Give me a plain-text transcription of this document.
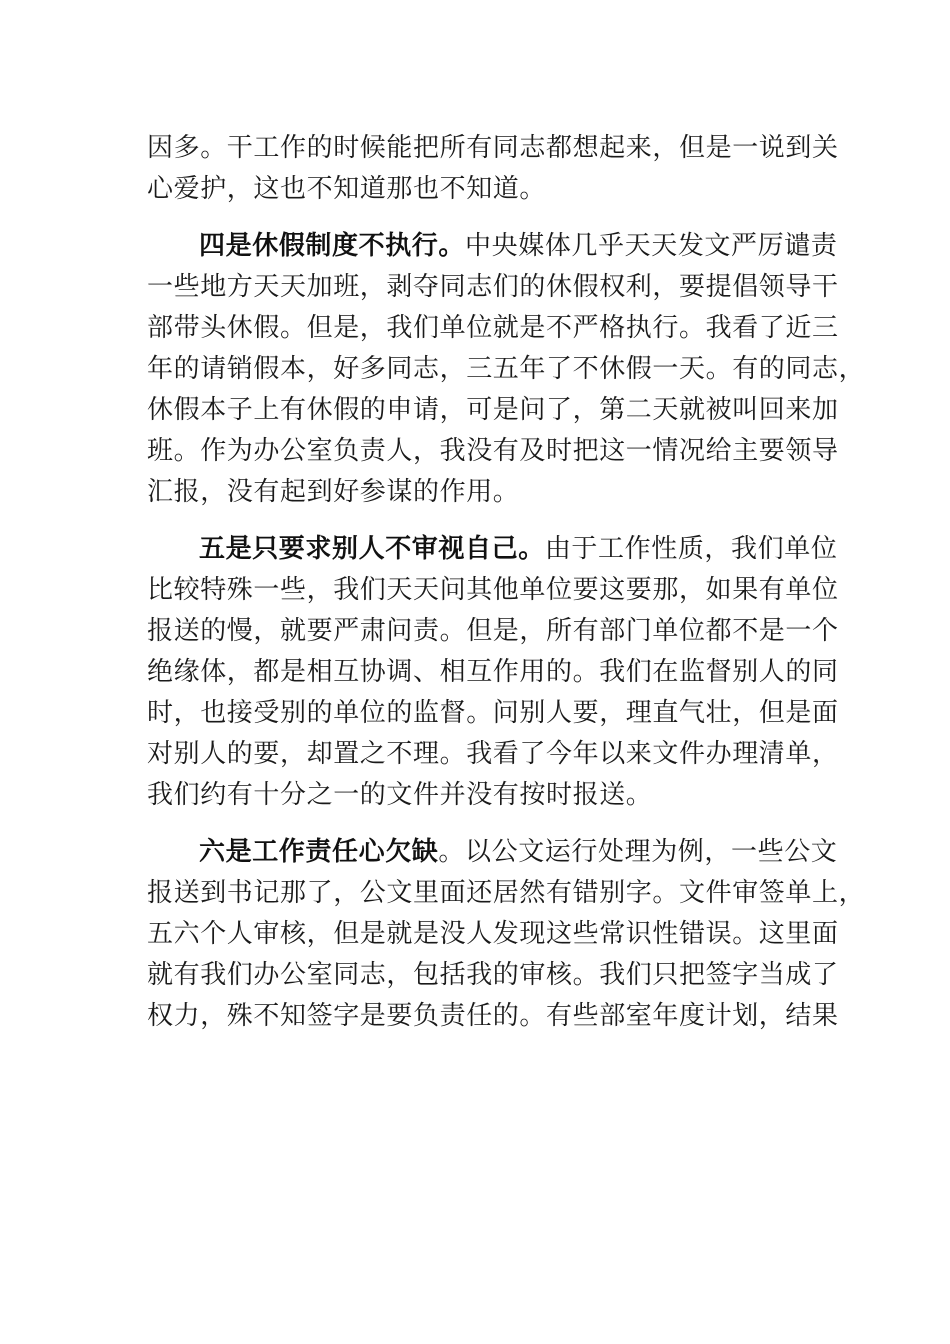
因多。干工作的时候能把所有同志都想起来，但是一说到关
心爱护，这也不知道那也不知道。
四是休假制度不执行。中央媒体几乎天天发文严厉谴责
一些地方天天加班，剥夺同志们的休假权利，要提倡领导干
部带头休假。但是，我们单位就是不严格执行。我看了近三
年的请销假本，好多同志，三五年了不休假一天。有的同志，
休假本子上有休假的申请，可是问了，第二天就被叫回来加
班。作为办公室负责人，我没有及时把这一情况给主要领导
汇报，没有起到好参谋的作用。
五是只要求别人不审视自己。由于工作性质，我们单位
比较特殊一些，我们天天问其他单位要这要那，如果有单位
报送的慢，就要严肃问责。但是，所有部门单位都不是一个
绝缘体，都是相互协调、相互作用的。我们在监督别人的同
时，也接受别的单位的监督。问别人要，理直气壮，但是面
对别人的要，却置之不理。我看了今年以来文件办理清单，
我们约有十分之一的文件并没有按时报送。
六是工作责任心欠缺。以公文运行处理为例，一些公文
报送到书记那了，公文里面还居然有错别字。文件审签单上，
五六个人审核，但是就是没人发现这些常识性错误。这里面
就有我们办公室同志，包括我的审核。我们只把签字当成了
权力，殊不知签字是要负责任的。有些部室年度计划，结果
